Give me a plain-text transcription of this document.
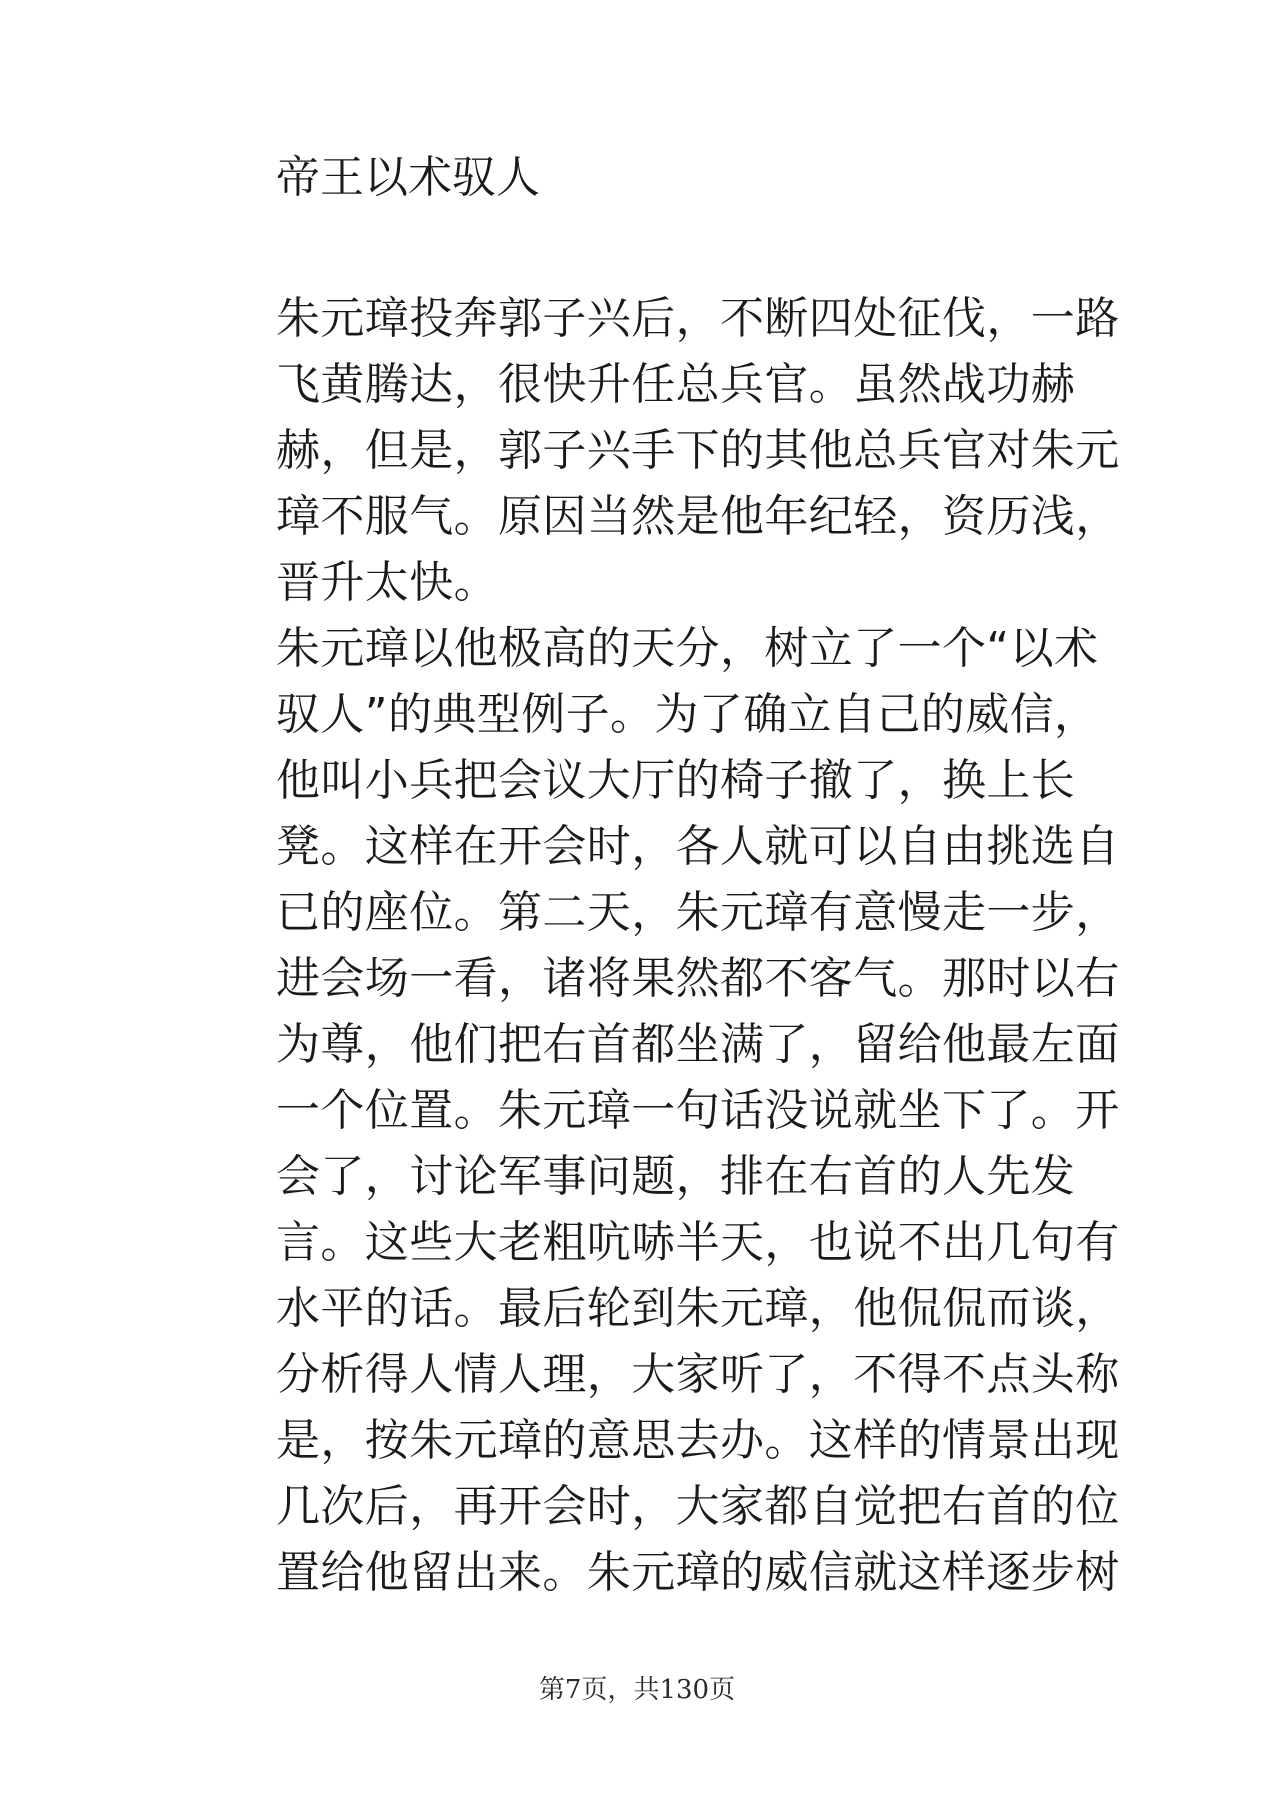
帝王以术驭人
朱元璋投奔郭子兴后，不断四处征伐，一路
飞黄腾达，很快升任总兵官。虽然战功赫
赫，但是，郭子兴手下的其他总兵官对朱元
璋不服气。原因当然是他年纪轻，资历浅，
晋升太快。
朱元璋以他极高的天分，树立了一个“以术
驭人”的典型例子。为了确立自己的威信，
他叫小兵把会议大厅的椅子撤了，换上长
凳。这样在开会时，各人就可以自由挑选自
已的座位。第二天，朱元璋有意慢走一步，
进会场一看，诸将果然都不客气。那时以右
为尊，他们把右首都坐满了，留给他最左面
一个位置。朱元璋一句话没说就坐下了。开
会了，讨论军事问题，排在右首的人先发
言。这些大老粗吭哧半天，也说不出几句有
水平的话。最后轮到朱元璋，他侃侃而谈，
分析得人情人理，大家听了，不得不点头称
是，按朱元璋的意思去办。这样的情景出现
几次后，再开会时，大家都自觉把右首的位
置给他留出来。朱元璋的威信就这样逐步树
第7页，共130页
